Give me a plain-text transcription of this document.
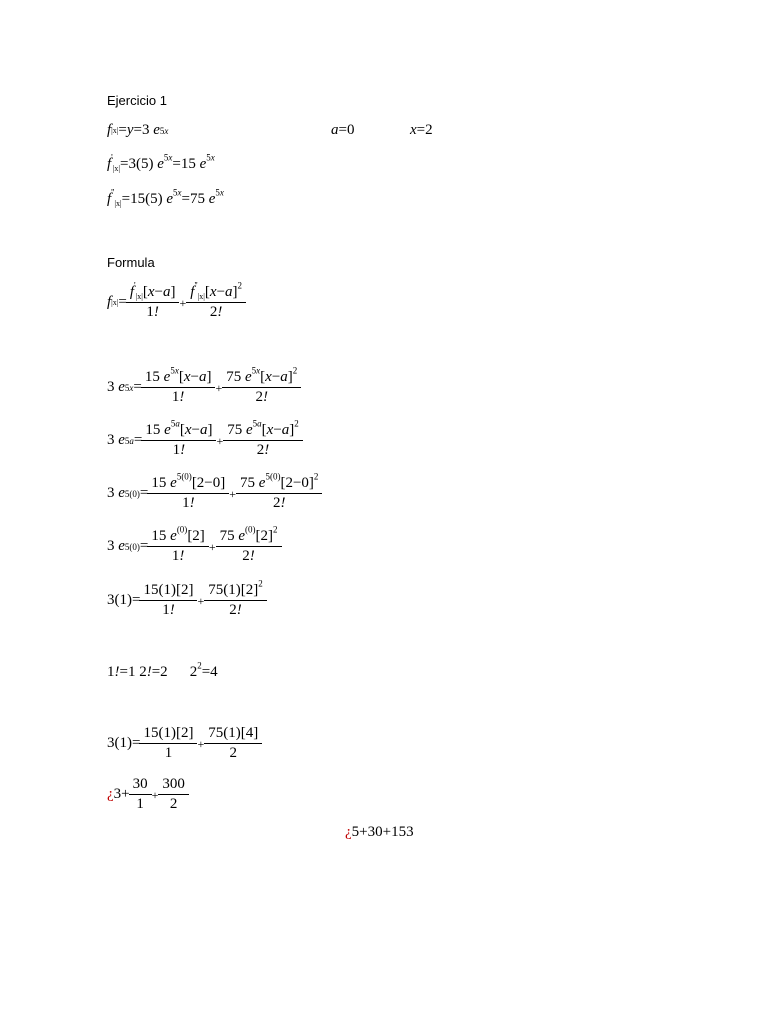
Ejercicio 1
f |x| = y =3 e 5x	a=0	x=2
$f'_{|x|}=3(5)$ $e^{5x}=15$ $e^{5x}$
$f''_{|x|}=15(5)$ $e^{5x}=75$ $e^{5x}$
Formula
f $|x| = \frac{f'_{|x|}[x-a]}{1!} + \frac{f''_{|x|}[x-a]^2}{2!}$
3 e $5x = \frac{15 e^{5x}[x-a]}{1!} + \frac{75 e^{5x}[x-a]^2}{2!}$
3 e $5a = \frac{15 e^{5a}[x-a]}{1!} + \frac{75 e^{5a}[x-a]^2}{2!}$
3 e $5(0) = \frac{15 e^{5(0)}[2-0]}{1!} + \frac{75 e^{5(0)}[2-0]^2}{2!}$
3 e $5(0) = \frac{15 e^{(0)}[2]}{1!} + \frac{75 e^{(0)}[2]^2}{2!}$
$3(1)= \frac{15(1)[2]}{1!} + \frac{75(1)[2]^2}{2!}$
1!=1 2!=2 $2^2=4$
$3(1)= \frac{15(1)[2]}{1} + \frac{75(1)[4]}{2}$
¿ $3+ \frac{30}{1} + \frac{300}{2}$
¿5+30+153
